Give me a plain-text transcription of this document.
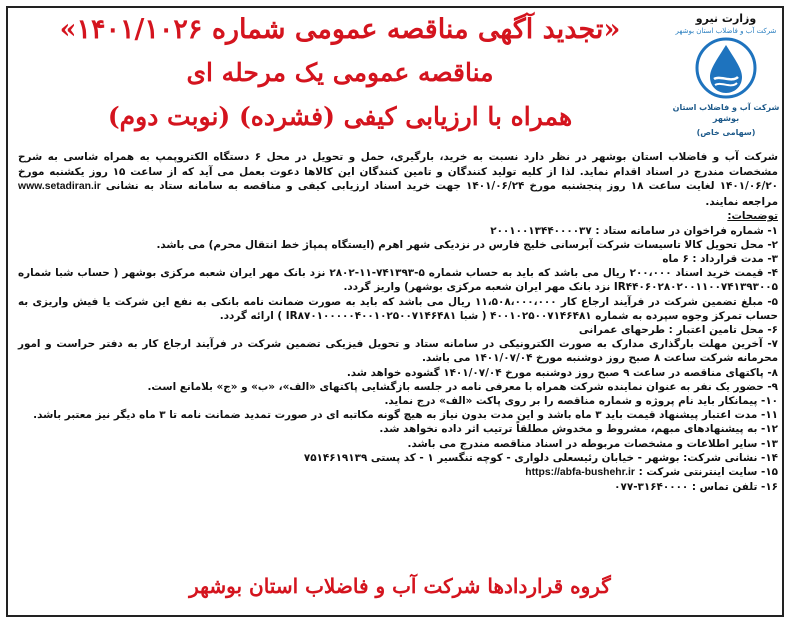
وزارت نیرو
شرکت آب و فاضلاب استان بوشهر
شرکت آب و فاضلاب استان بوشهر
(سهامی خاص)
«تجدید آگهی مناقصه عمومی شماره ۱۴۰۱/۱۰۲۶»
مناقصه عمومی یک مرحله ای
همراه با ارزیابی کیفی (فشرده) (نوبت دوم)

شرکت آب و فاضلاب استان بوشهر در نظر دارد نسبت به خرید، بارگیری، حمل و تحویل در محل ۶ دستگاه الکتروپمپ به همراه شاسی به شرح مشخصات مندرج در اسناد اقدام نماید. لذا از کلیه تولید کنندگان و تامین کنندگان این کالاها دعوت بعمل می آید که از ساعت ۱۵ روز یکشنبه مورخ ۱۴۰۱/۰۶/۲۰ لغایت ساعت ۱۸ روز پنجشنبه مورخ ۱۴۰۱/۰۶/۲۴ جهت خرید اسناد ارزیابی کیفی و مناقصه به سامانه ستاد به نشانی www.setadiran.ir مراجعه نمایند.

توضیحات:

۱- شماره فراخوان در سامانه ستاد : ۲۰۰۱۰۰۱۳۴۴۰۰۰۰۳۷

۲- محل تحویل کالا تاسیسات شرکت آبرسانی خلیج فارس در نزدیکی شهر اهرم (ایستگاه پمپاژ خط انتقال محرم) می باشد.

۳- مدت قرارداد : ۶ ماه

۴- قیمت خرید اسناد ۲۰۰،۰۰۰ ریال می باشد که باید به حساب شماره ۵-۷۴۱۳۹۳-۱۱-۲۸۰۲ نزد بانک مهر ایران شعبه مرکزی بوشهر ( حساب شبا شماره IR۴۴۰۶۰۲۸۰۲۰۰۱۱۰۰۷۴۱۳۹۳۰۰۵ نزد بانک مهر ایران شعبه مرکزی بوشهر) واریز گردد.

۵- مبلغ تضمین شرکت در فرآیند ارجاع کار ۱۱،۵۰۸،۰۰۰،۰۰۰ ریال می باشد که باید به صورت ضمانت نامه بانکی به نفع این شرکت یا فیش واریزی به حساب تمرکز وجوه سپرده به شماره ۴۰۰۱۰۲۵۰۰۷۱۴۶۴۸۱ ( شبا IR۸۷۰۱۰۰۰۰۰۴۰۰۱۰۲۵۰۰۷۱۴۶۴۸۱ ) ارائه گردد.

۶- محل تامین اعتبار : طرحهای عمرانی

۷- آخرین مهلت بارگذاری مدارک به صورت الکترونیکی در سامانه ستاد و تحویل فیزیکی تضمین شرکت در فرآیند ارجاع کار به دفتر حراست و امور محرمانه شرکت ساعت ۸ صبح روز دوشنبه مورخ ۱۴۰۱/۰۷/۰۴ می باشد.

۸- پاکتهای مناقصه در ساعت ۹ صبح روز دوشنبه مورخ ۱۴۰۱/۰۷/۰۴ گشوده خواهد شد.

۹- حضور یک نفر به عنوان نماینده شرکت همراه با معرفی نامه در جلسه بازگشایی پاکتهای «الف»، «ب» و «ج» بلامانع است.

۱۰- پیمانکار باید نام پروژه و شماره مناقصه را بر روی پاکت «الف» درج نماید.

۱۱- مدت اعتبار پیشنهاد قیمت باید ۳ ماه باشد و این مدت بدون نیاز به هیچ گونه مکاتبه ای در صورت تمدید ضمانت نامه تا ۳ ماه دیگر نیز معتبر باشد.

۱۲- به پیشنهادهای مبهم، مشروط و مخدوش مطلقاً ترتیب اثر داده نخواهد شد.

۱۳- سایر اطلاعات و مشخصات مربوطه در اسناد مناقصه مندرج می باشد.

۱۴- نشانی شرکت: بوشهر - خیابان رئیسعلی دلواری - کوچه تنگسیر ۱ - کد پستی ۷۵۱۴۶۱۹۱۳۹

۱۵- سایت اینترنتی شرکت : https://abfa-bushehr.ir

۱۶- تلفن تماس : ۳۱۶۴۰۰۰۰-۰۷۷

گروه قراردادها شرکت آب و فاضلاب استان بوشهر
